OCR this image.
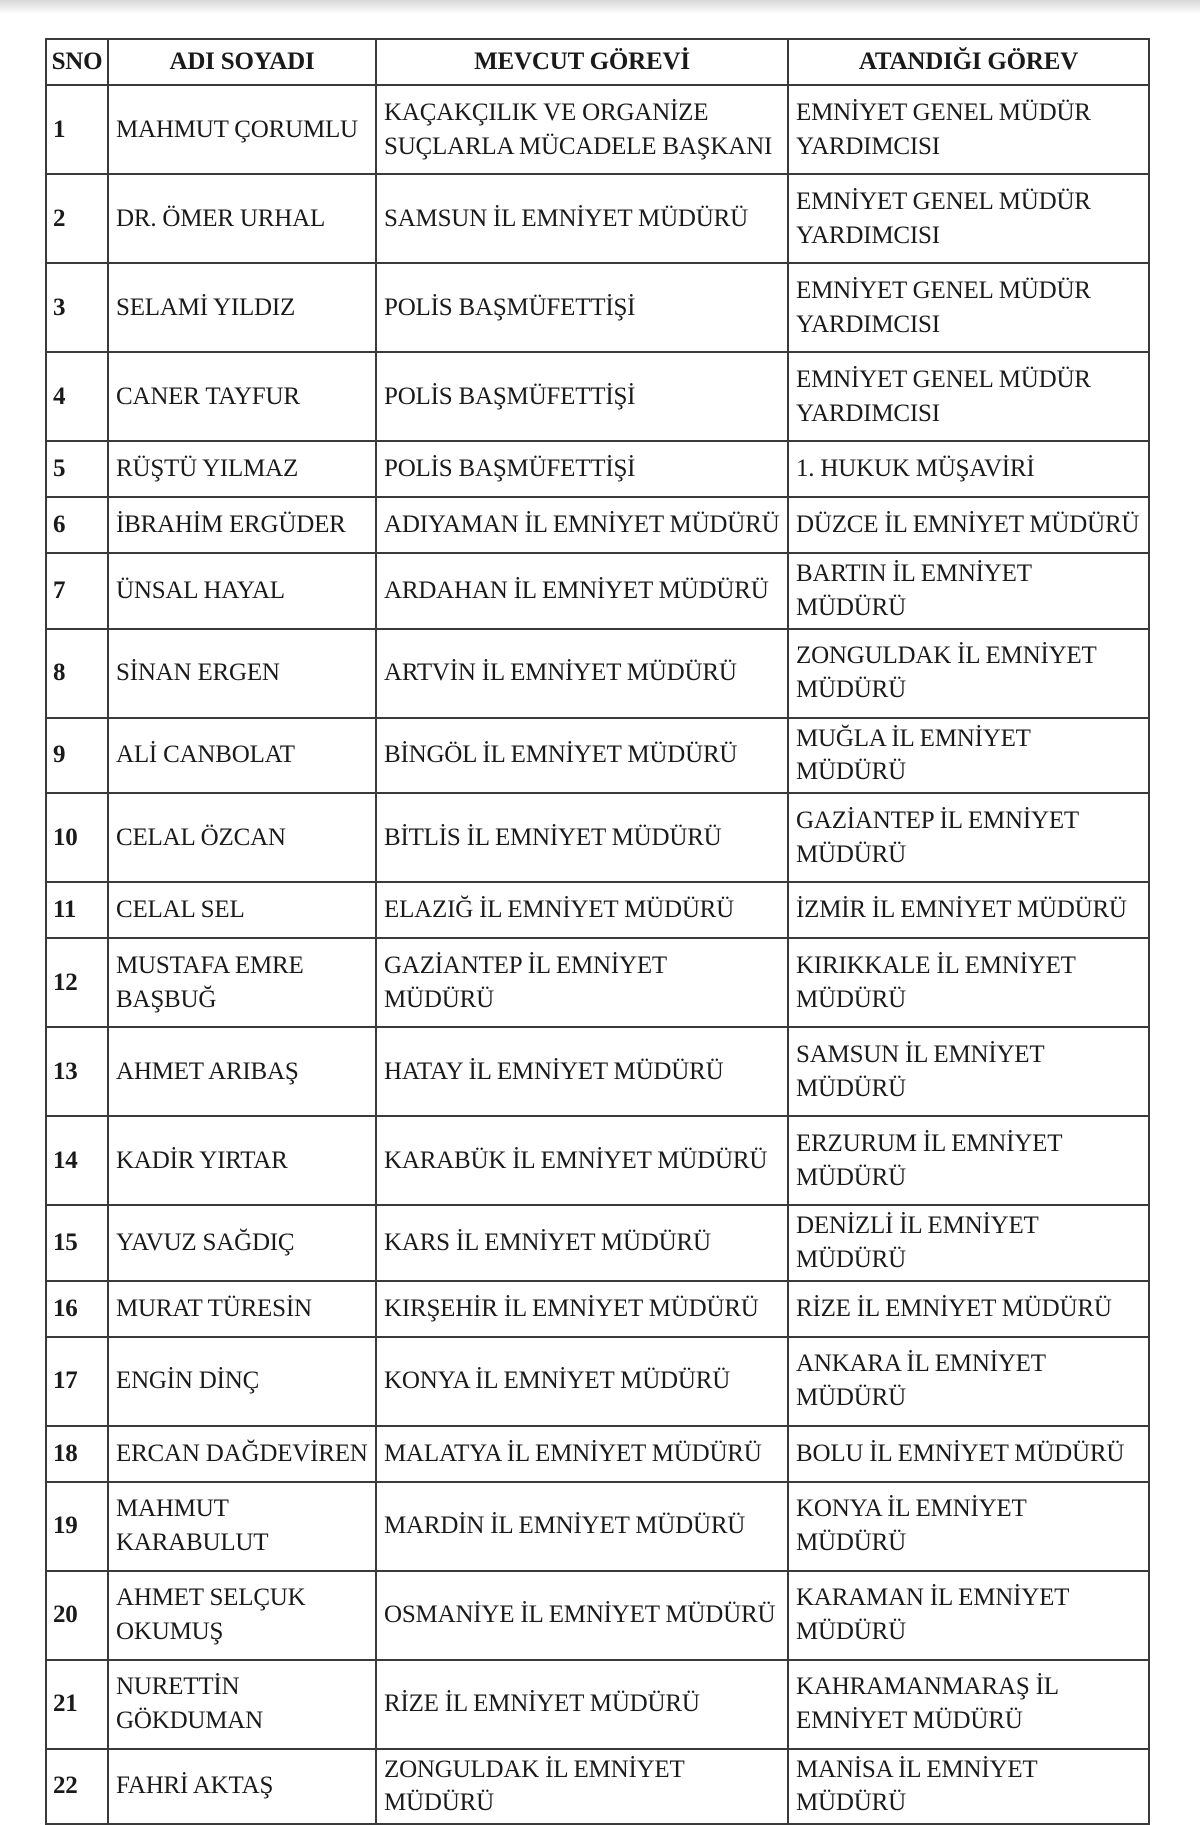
SNO	ADI SOYADI	MEVCUT GÖREVİ	ATANDIĞI GÖREV
1	MAHMUT ÇORUMLU	KAÇAKÇILIK VE ORGANİZE SUÇLARLA MÜCADELE BAŞKANI	EMNİYET GENEL MÜDÜR YARDIMCISI
2	DR. ÖMER URHAL	SAMSUN İL EMNİYET MÜDÜRÜ	EMNİYET GENEL MÜDÜR YARDIMCISI
3	SELAMİ YILDIZ	POLİS BAŞMÜFETTİŞİ	EMNİYET GENEL MÜDÜR YARDIMCISI
4	CANER TAYFUR	POLİS BAŞMÜFETTİŞİ	EMNİYET GENEL MÜDÜR YARDIMCISI
5	RÜŞTÜ YILMAZ	POLİS BAŞMÜFETTİŞİ	1. HUKUK MÜŞAVİRİ
6	İBRAHİM ERGÜDER	ADIYAMAN İL EMNİYET MÜDÜRÜ	DÜZCE İL EMNİYET MÜDÜRÜ
7	ÜNSAL HAYAL	ARDAHAN İL EMNİYET MÜDÜRÜ	BARTIN İL EMNİYET MÜDÜRÜ
8	SİNAN ERGEN	ARTVİN İL EMNİYET MÜDÜRÜ	ZONGULDAK İL EMNİYET MÜDÜRÜ
9	ALİ CANBOLAT	BİNGÖL İL EMNİYET MÜDÜRÜ	MUĞLA İL EMNİYET MÜDÜRÜ
10	CELAL ÖZCAN	BİTLİS İL EMNİYET MÜDÜRÜ	GAZİANTEP İL EMNİYET MÜDÜRÜ
11	CELAL SEL	ELAZIĞ İL EMNİYET MÜDÜRÜ	İZMİR İL EMNİYET MÜDÜRÜ
12	MUSTAFA EMRE BAŞBUĞ	GAZİANTEP İL EMNİYET MÜDÜRÜ	KIRIKKALE İL EMNİYET MÜDÜRÜ
13	AHMET ARIBAŞ	HATAY İL EMNİYET MÜDÜRÜ	SAMSUN İL EMNİYET MÜDÜRÜ
14	KADİR YIRTAR	KARABÜK İL EMNİYET MÜDÜRÜ	ERZURUM İL EMNİYET MÜDÜRÜ
15	YAVUZ SAĞDIÇ	KARS İL EMNİYET MÜDÜRÜ	DENİZLİ İL EMNİYET MÜDÜRÜ
16	MURAT TÜRESİN	KIRŞEHİR İL EMNİYET MÜDÜRÜ	RİZE İL EMNİYET MÜDÜRÜ
17	ENGİN DİNÇ	KONYA İL EMNİYET MÜDÜRÜ	ANKARA İL EMNİYET MÜDÜRÜ
18	ERCAN DAĞDEVİREN	MALATYA İL EMNİYET MÜDÜRÜ	BOLU İL EMNİYET MÜDÜRÜ
19	MAHMUT KARABULUT	MARDİN İL EMNİYET MÜDÜRÜ	KONYA İL EMNİYET MÜDÜRÜ
20	AHMET SELÇUK OKUMUŞ	OSMANİYE İL EMNİYET MÜDÜRÜ	KARAMAN İL EMNİYET MÜDÜRÜ
21	NURETTİN GÖKDUMAN	RİZE İL EMNİYET MÜDÜRÜ	KAHRAMANMARAŞ İL EMNİYET MÜDÜRÜ
22	FAHRİ AKTAŞ	ZONGULDAK İL EMNİYET MÜDÜRÜ	MANİSA İL EMNİYET MÜDÜRÜ
